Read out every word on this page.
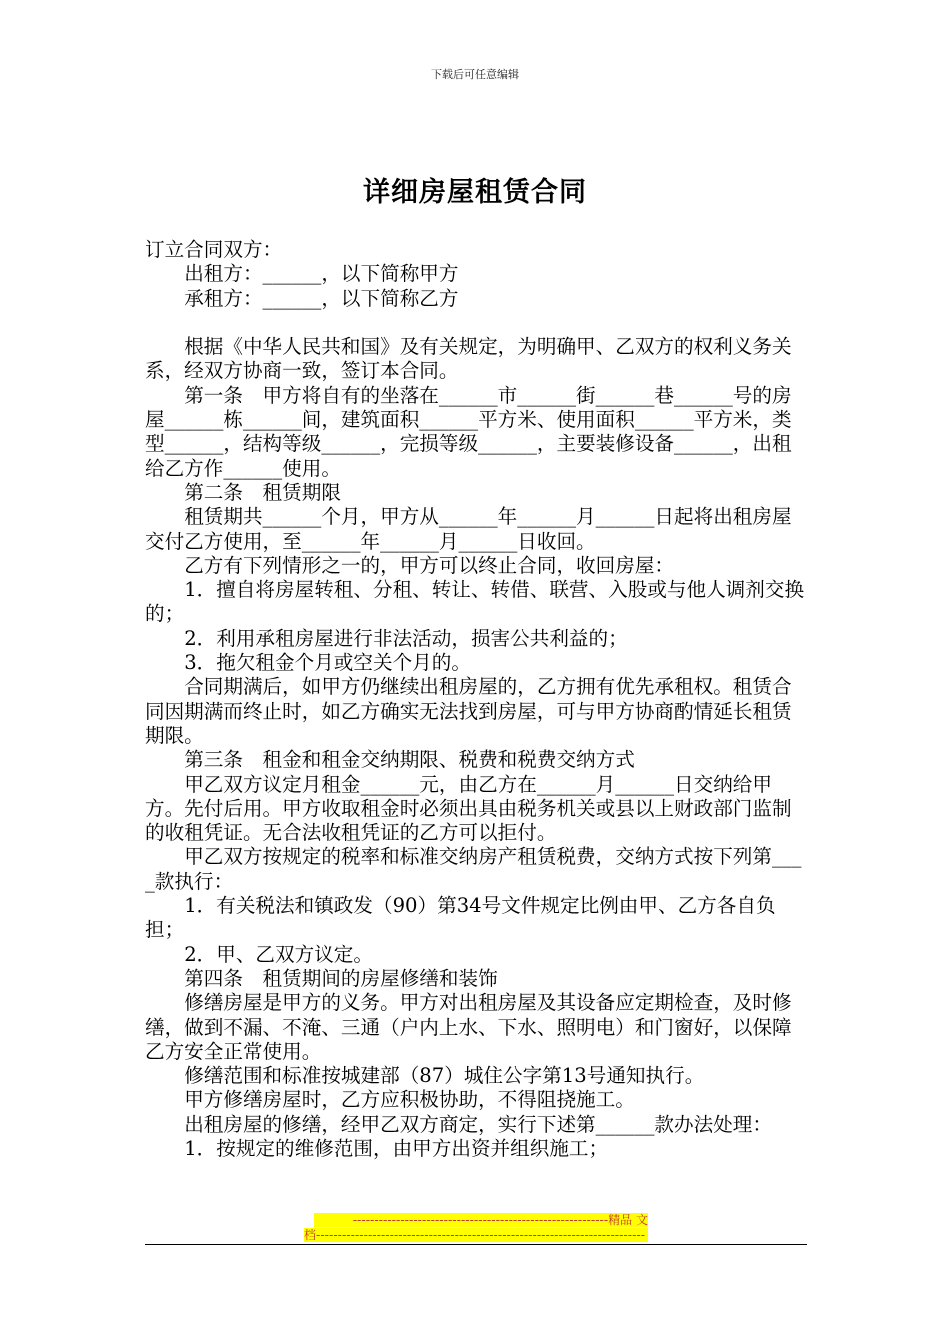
下载后可任意编辑
详细房屋租赁合同

订立合同双方：

出租方：______，以下简称甲方

承租方：______，以下简称乙方

根据《中华人民共和国》及有关规定，为明确甲、乙双方的权利义务关系，经双方协商一致，签订本合同。

第一条　甲方将自有的坐落在______市______街______巷______号的房屋______栋______间，建筑面积______平方米、使用面积______平方米，类型______，结构等级______，完损等级______，主要装修设备______，出租给乙方作______使用。

第二条　租赁期限

租赁期共______个月，甲方从______年______月______日起将出租房屋交付乙方使用，至______年______月______日收回。

乙方有下列情形之一的，甲方可以终止合同，收回房屋：

1．擅自将房屋转租、分租、转让、转借、联营、入股或与他人调剂交换的；

2．利用承租房屋进行非法活动，损害公共利益的；

3．拖欠租金个月或空关个月的。

合同期满后，如甲方仍继续出租房屋的，乙方拥有优先承租权。租赁合同因期满而终止时，如乙方确实无法找到房屋，可与甲方协商酌情延长租赁期限。

第三条　租金和租金交纳期限、税费和税费交纳方式

甲乙双方议定月租金______元，由乙方在______月______日交纳给甲方。先付后用。甲方收取租金时必须出具由税务机关或县以上财政部门监制的收租凭证。无合法收租凭证的乙方可以拒付。

甲乙双方按规定的税率和标准交纳房产租赁税费，交纳方式按下列第____款执行：

1．有关税法和镇政发（90）第34号文件规定比例由甲、乙方各自负担；

2．甲、乙双方议定。

第四条　租赁期间的房屋修缮和装饰

修缮房屋是甲方的义务。甲方对出租房屋及其设备应定期检查，及时修缮，做到不漏、不淹、三通（户内上水、下水、照明电）和门窗好，以保障乙方安全正常使用。

修缮范围和标准按城建部（87）城住公字第13号通知执行。

甲方修缮房屋时，乙方应积极协助，不得阻挠施工。

出租房屋的修缮，经甲乙双方商定，实行下述第______款办法处理：

1．按规定的维修范围，由甲方出资并组织施工；

-----------------------------------------------------------精品 文
档----------------------------------------------------------------------------
